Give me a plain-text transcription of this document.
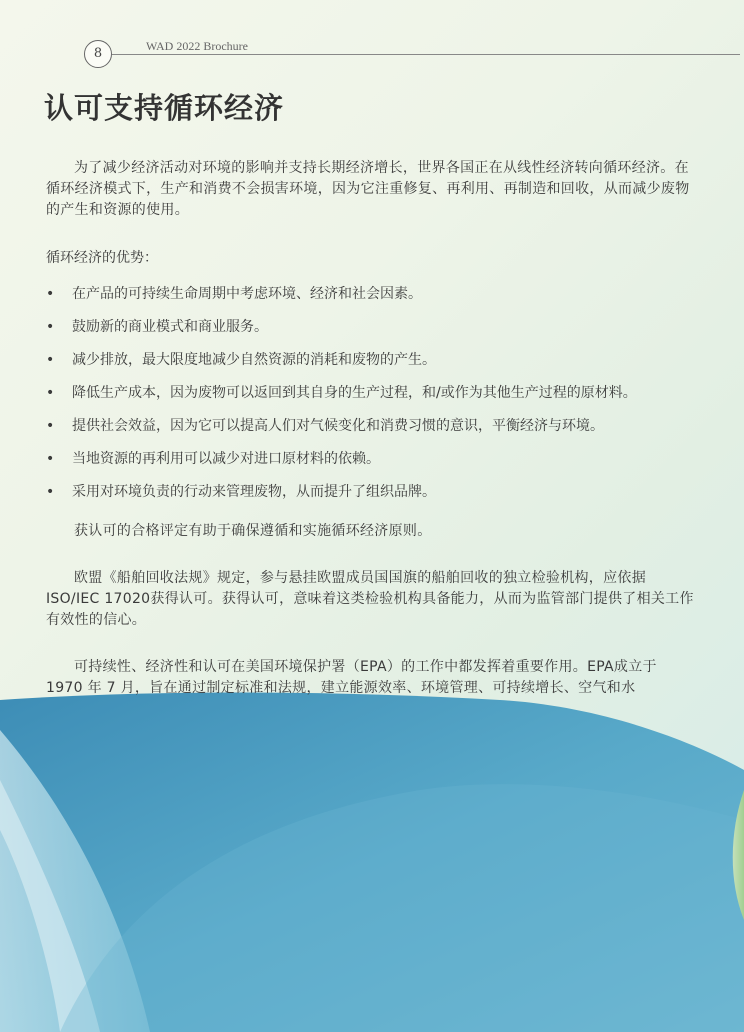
8	WAD 2022 Brochure
认可支持循环经济

为了减少经济活动对环境的影响并支持长期经济增长，世界各国正在从线性经济转向循环经济。在循环经济模式下，生产和消费不会损害环境，因为它注重修复、再利用、再制造和回收，从而减少废物的产生和资源的使用。

循环经济的优势：

• 在产品的可持续生命周期中考虑环境、经济和社会因素。
• 鼓励新的商业模式和商业服务。
• 减少排放，最大限度地减少自然资源的消耗和废物的产生。
• 降低生产成本，因为废物可以返回到其自身的生产过程，和/或作为其他生产过程的原材料。
• 提供社会效益，因为它可以提高人们对气候变化和消费习惯的意识，平衡经济与环境。
• 当地资源的再利用可以减少对进口原材料的依赖。
• 采用对环境负责的行动来管理废物，从而提升了组织品牌。

获认可的合格评定有助于确保遵循和实施循环经济原则。

欧盟《船舶回收法规》规定，参与悬挂欧盟成员国国旗的船舶回收的独立检验机构，应依据ISO/IEC 17020获得认可。获得认可，意味着这类检验机构具备能力，从而为监管部门提供了相关工作有效性的信心。

可持续性、经济性和认可在美国环境保护署（EPA）的工作中都发挥着重要作用。EPA成立于 1970 年 7 月，旨在通过制定标准和法规，建立能源效率、环境管理、可持续增长、空气和水
